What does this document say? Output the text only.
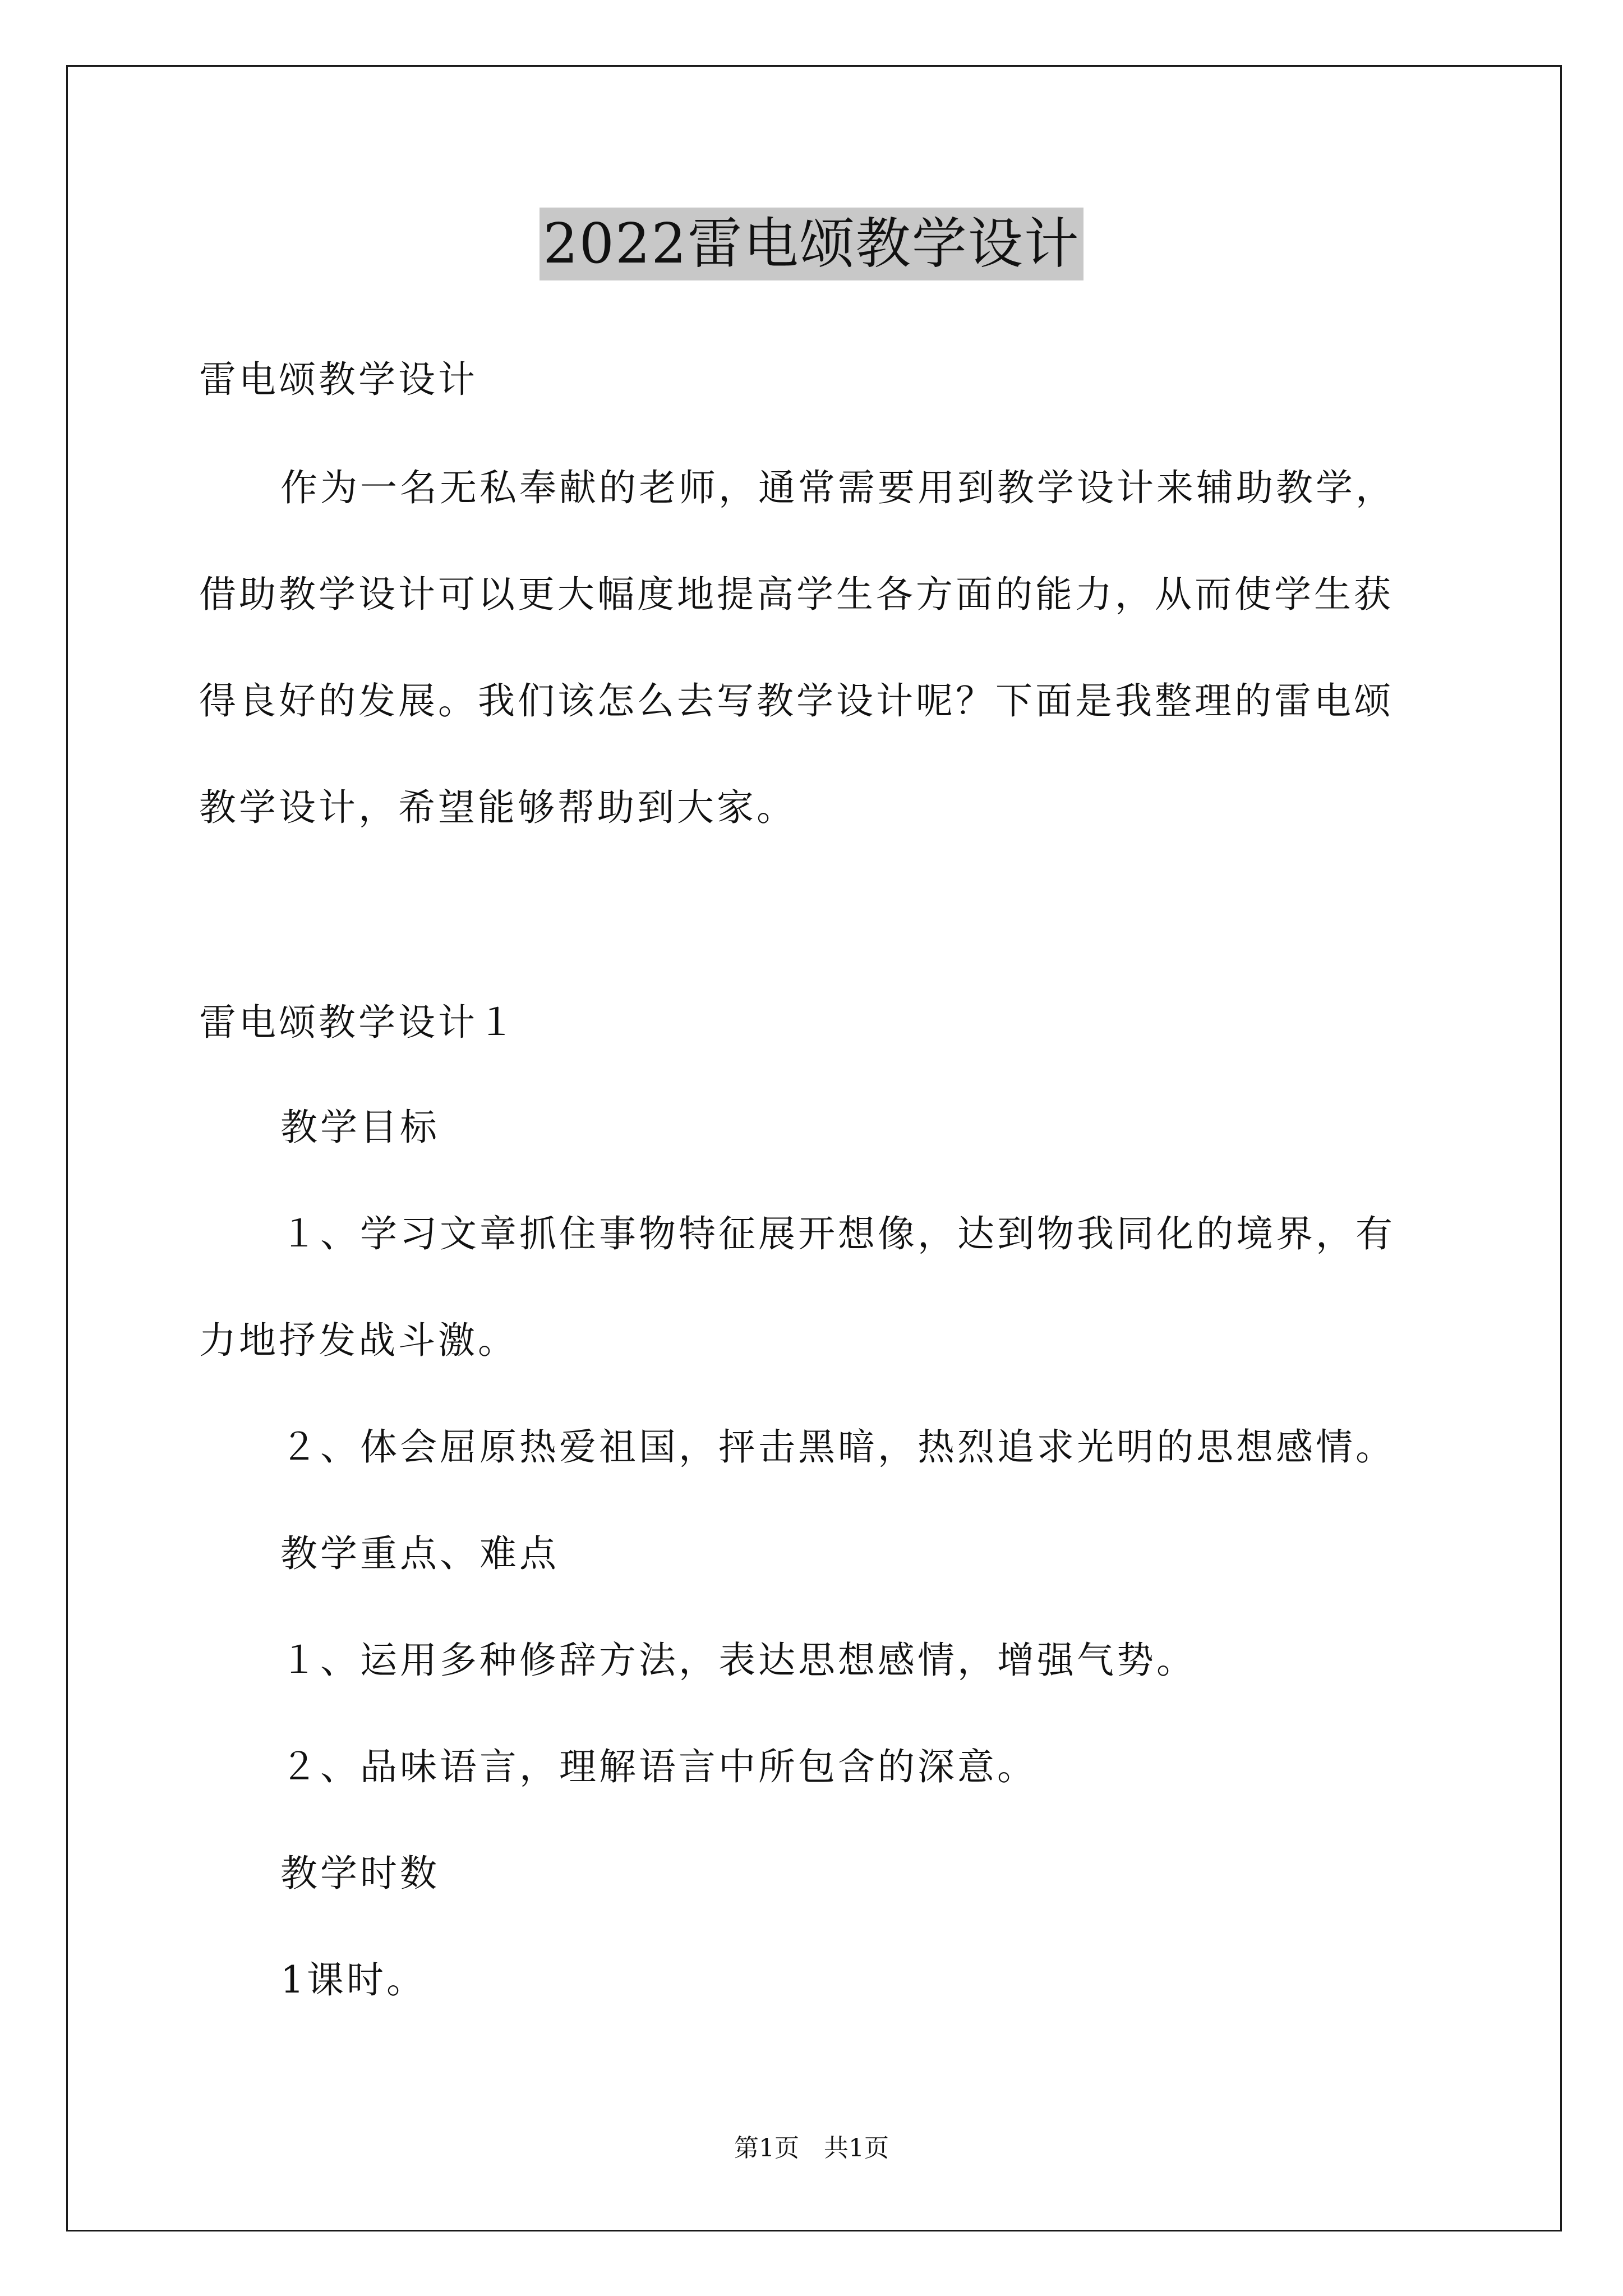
2022雷电颂教学设计
雷电颂教学设计
作为一名无私奉献的老师，通常需要用到教学设计来辅助教学，
借助教学设计可以更大幅度地提高学生各方面的能力，从而使学生获
得良好的发展。我们该怎么去写教学设计呢？下面是我整理的雷电颂
教学设计，希望能够帮助到大家。
雷电颂教学设计１
教学目标
１、学习文章抓住事物特征展开想像，达到物我同化的境界，有
力地抒发战斗激。
２、体会屈原热爱祖国，抨击黑暗，热烈追求光明的思想感情。
教学重点、难点
１、运用多种修辞方法，表达思想感情，增强气势。
２、品味语言，理解语言中所包含的深意。
教学时数
1课时。
第1页　共1页
